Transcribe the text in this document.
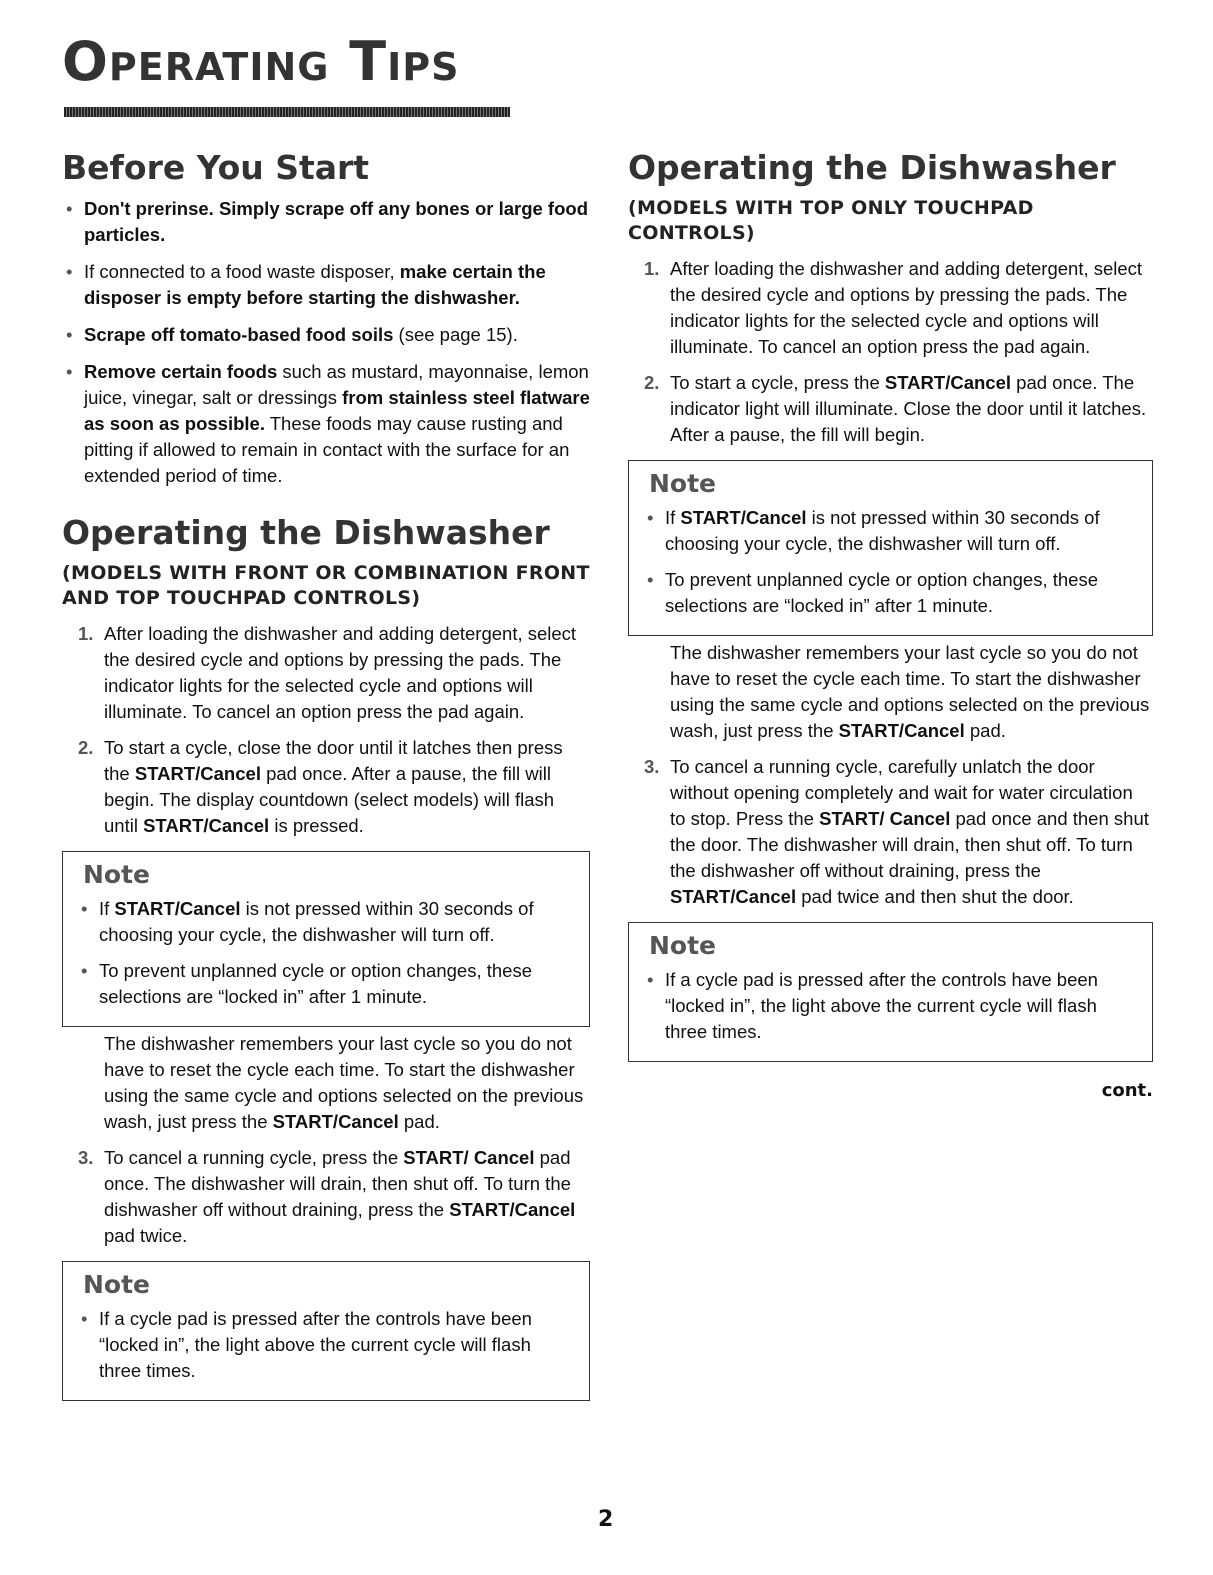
Operating Tips
Before You Start
• Don't prerinse. Simply scrape off any bones or large food particles.
• If connected to a food waste disposer, make certain the disposer is empty before starting the dishwasher.
• Scrape off tomato-based food soils (see page 15).
• Remove certain foods such as mustard, mayonnaise, lemon juice, vinegar, salt or dressings from stainless steel flatware as soon as possible. These foods may cause rusting and pitting if allowed to remain in contact with the surface for an extended period of time.
Operating the Dishwasher
(MODELS WITH FRONT OR COMBINATION FRONT AND TOP TOUCHPAD CONTROLS)
1. After loading the dishwasher and adding detergent, select the desired cycle and options by pressing the pads. The indicator lights for the selected cycle and options will illuminate. To cancel an option press the pad again.
2. To start a cycle, close the door until it latches then press the START/Cancel pad once. After a pause, the fill will begin. The display countdown (select models) will flash until START/Cancel is pressed.
Note
• If START/Cancel is not pressed within 30 seconds of choosing your cycle, the dishwasher will turn off.
• To prevent unplanned cycle or option changes, these selections are “locked in” after 1 minute.

The dishwasher remembers your last cycle so you do not have to reset the cycle each time. To start the dishwasher using the same cycle and options selected on the previous wash, just press the START/Cancel pad.

3. To cancel a running cycle, press the START/ Cancel pad once. The dishwasher will drain, then shut off. To turn the dishwasher off without draining, press the START/Cancel pad twice.
Note
• If a cycle pad is pressed after the controls have been “locked in”, the light above the current cycle will flash three times.
Operating the Dishwasher
(MODELS WITH TOP ONLY TOUCHPAD CONTROLS)
1. After loading the dishwasher and adding detergent, select the desired cycle and options by pressing the pads. The indicator lights for the selected cycle and options will illuminate. To cancel an option press the pad again.
2. To start a cycle, press the START/Cancel pad once. The indicator light will illuminate. Close the door until it latches. After a pause, the fill will begin.
Note
• If START/Cancel is not pressed within 30 seconds of choosing your cycle, the dishwasher will turn off.
• To prevent unplanned cycle or option changes, these selections are “locked in” after 1 minute.

The dishwasher remembers your last cycle so you do not have to reset the cycle each time. To start the dishwasher using the same cycle and options selected on the previous wash, just press the START/Cancel pad.

3. To cancel a running cycle, carefully unlatch the door without opening completely and wait for water circulation to stop. Press the START/ Cancel pad once and then shut the door. The dishwasher will drain, then shut off. To turn the dishwasher off without draining, press the START/Cancel pad twice and then shut the door.
Note
• If a cycle pad is pressed after the controls have been “locked in”, the light above the current cycle will flash three times.
cont.
2
